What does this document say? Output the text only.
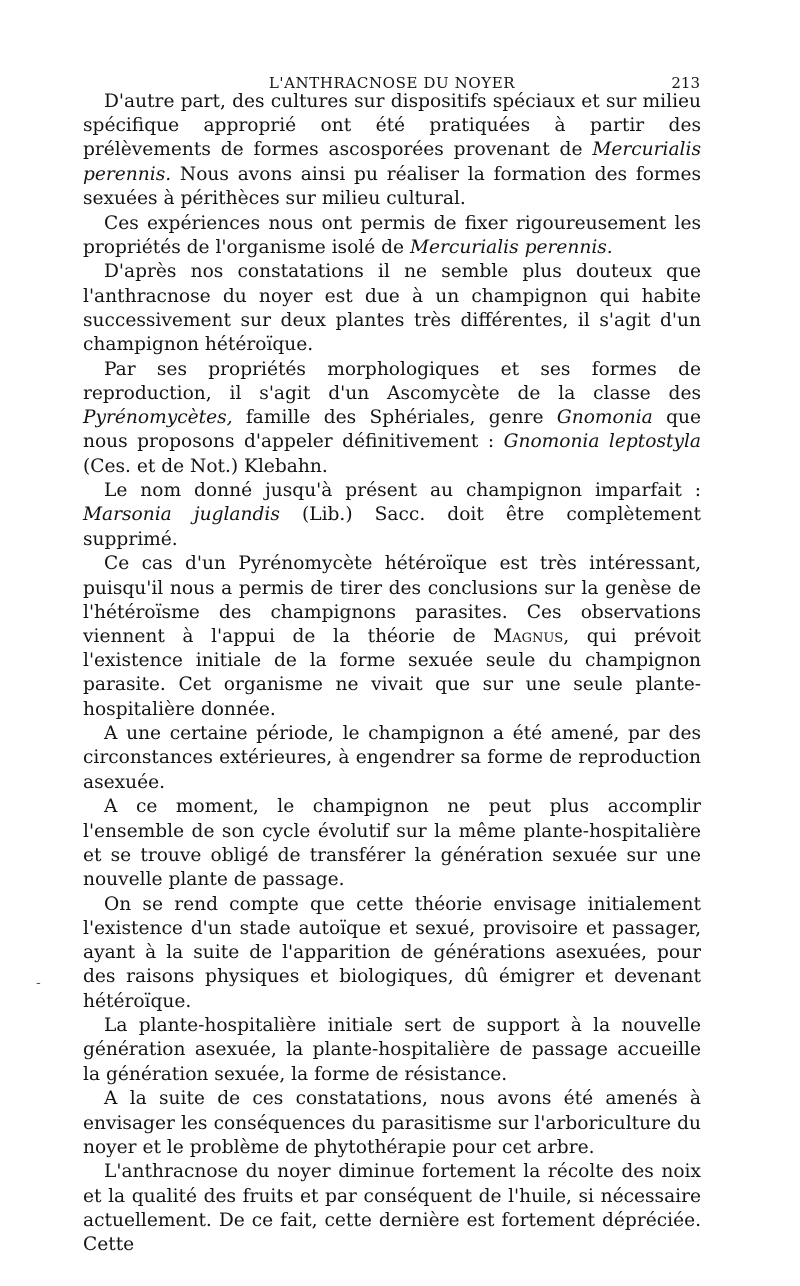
L'ANTHRACNOSE DU NOYER	213
-

D'autre part, des cultures sur dispositifs spéciaux et sur milieu spécifique approprié ont été pratiquées à partir des prélèvements de formes ascosporées provenant de Mercurialis perennis. Nous avons ainsi pu réaliser la formation des formes sexuées à périthèces sur milieu cultural.

Ces expériences nous ont permis de fixer rigoureusement les propriétés de l'organisme isolé de Mercurialis perennis.

D'après nos constatations il ne semble plus douteux que l'anthracnose du noyer est due à un champignon qui habite successivement sur deux plantes très différentes, il s'agit d'un champignon hétéroïque.

Par ses propriétés morphologiques et ses formes de reproduction, il s'agit d'un Ascomycète de la classe des Pyrénomycètes, famille des Sphériales, genre Gnomonia que nous proposons d'appeler définitivement : Gnomonia leptostyla (Ces. et de Not.) Klebahn.

Le nom donné jusqu'à présent au champignon imparfait : Marsonia juglandis (Lib.) Sacc. doit être complètement supprimé.

Ce cas d'un Pyrénomycète hétéroïque est très intéressant, puisqu'il nous a permis de tirer des conclusions sur la genèse de l'hétéroïsme des champignons parasites. Ces observations viennent à l'appui de la théorie de Magnus, qui prévoit l'existence initiale de la forme sexuée seule du champignon parasite. Cet organisme ne vivait que sur une seule plante-hospitalière donnée.

A une certaine période, le champignon a été amené, par des circonstances extérieures, à engendrer sa forme de reproduction asexuée.

A ce moment, le champignon ne peut plus accomplir l'ensemble de son cycle évolutif sur la même plante-hospitalière et se trouve obligé de transférer la génération sexuée sur une nouvelle plante de passage.

On se rend compte que cette théorie envisage initialement l'existence d'un stade autoïque et sexué, provisoire et passager, ayant à la suite de l'apparition de générations asexuées, pour des raisons physiques et biologiques, dû émigrer et devenant hétéroïque.

La plante-hospitalière initiale sert de support à la nouvelle génération asexuée, la plante-hospitalière de passage accueille la génération sexuée, la forme de résistance.

A la suite de ces constatations, nous avons été amenés à envisager les conséquences du parasitisme sur l'arboriculture du noyer et le problème de phytothérapie pour cet arbre.

L'anthracnose du noyer diminue fortement la récolte des noix et la qualité des fruits et par conséquent de l'huile, si nécessaire actuellement. De ce fait, cette dernière est fortement dépréciée. Cette
